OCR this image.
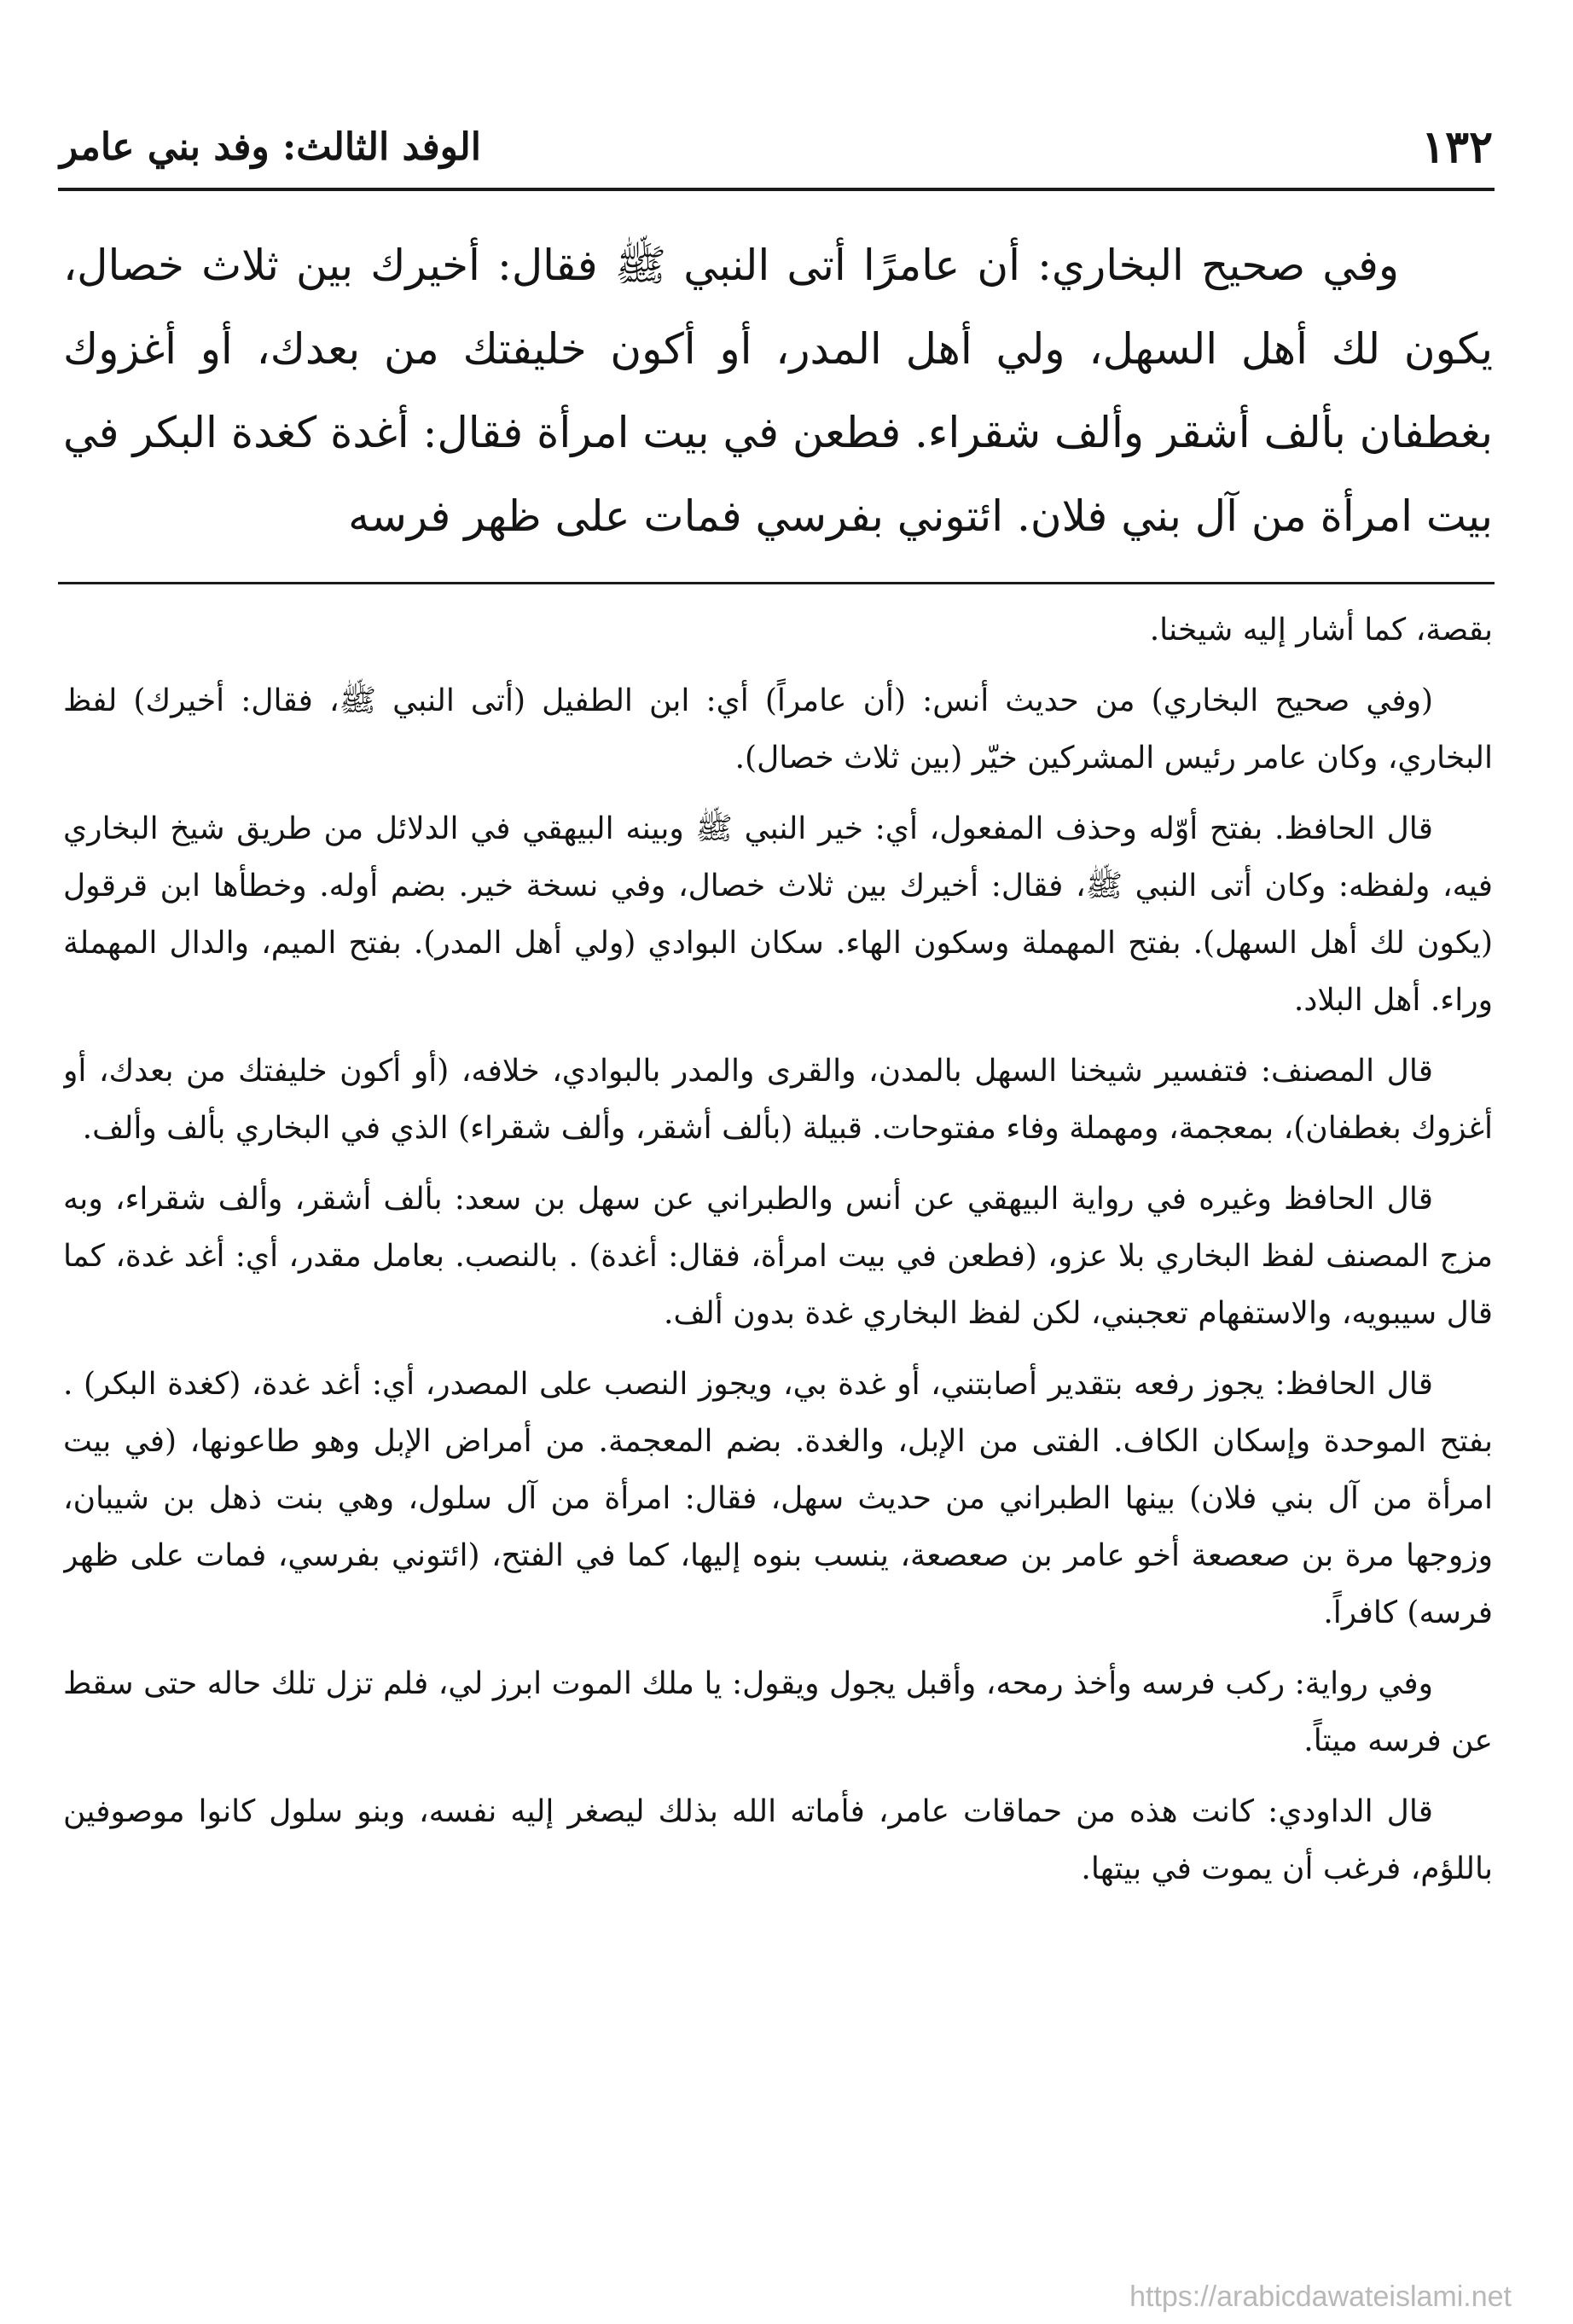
١٣٢
الوفد الثالث: وفد بني عامر

وفي صحيح البخاري: أن عامرًا أتى النبي ﷺ فقال: أخيرك بين ثلاث خصال، يكون لك أهل السهل، ولي أهل المدر، أو أكون خليفتك من بعدك، أو أغزوك بغطفان بألف أشقر وألف شقراء. فطعن في بيت امرأة فقال: أغدة كغدة البكر في بيت امرأة من آل بني فلان. ائتوني بفرسي فمات على ظهر فرسه

بقصة، كما أشار إليه شيخنا.

(وفي صحيح البخاري) من حديث أنس: (أن عامراً) أي: ابن الطفيل (أتى النبي ﷺ، فقال: أخيرك) لفظ البخاري، وكان عامر رئيس المشركين خيّر (بين ثلاث خصال).

قال الحافظ. بفتح أوّله وحذف المفعول، أي: خير النبي ﷺ وبينه البيهقي في الدلائل من طريق شيخ البخاري فيه، ولفظه: وكان أتى النبي ﷺ، فقال: أخيرك بين ثلاث خصال، وفي نسخة خير. بضم أوله. وخطأها ابن قرقول (يكون لك أهل السهل). بفتح المهملة وسكون الهاء. سكان البوادي (ولي أهل المدر). بفتح الميم، والدال المهملة وراء. أهل البلاد.

قال المصنف: فتفسير شيخنا السهل بالمدن، والقرى والمدر بالبوادي، خلافه، (أو أكون خليفتك من بعدك، أو أغزوك بغطفان)، بمعجمة، ومهملة وفاء مفتوحات. قبيلة (بألف أشقر، وألف شقراء) الذي في البخاري بألف وألف.

قال الحافظ وغيره في رواية البيهقي عن أنس والطبراني عن سهل بن سعد: بألف أشقر، وألف شقراء، وبه مزج المصنف لفظ البخاري بلا عزو، (فطعن في بيت امرأة، فقال: أغدة) . بالنصب. بعامل مقدر، أي: أغد غدة، كما قال سيبويه، والاستفهام تعجبني، لكن لفظ البخاري غدة بدون ألف.

قال الحافظ: يجوز رفعه بتقدير أصابتني، أو غدة بي، ويجوز النصب على المصدر، أي: أغد غدة، (كغدة البكر) . بفتح الموحدة وإسكان الكاف. الفتى من الإبل، والغدة. بضم المعجمة. من أمراض الإبل وهو طاعونها، (في بيت امرأة من آل بني فلان) بينها الطبراني من حديث سهل، فقال: امرأة من آل سلول، وهي بنت ذهل بن شيبان، وزوجها مرة بن صعصعة أخو عامر بن صعصعة، ينسب بنوه إليها، كما في الفتح، (ائتوني بفرسي، فمات على ظهر فرسه) كافراً.

وفي رواية: ركب فرسه وأخذ رمحه، وأقبل يجول ويقول: يا ملك الموت ابرز لي، فلم تزل تلك حاله حتى سقط عن فرسه ميتاً.

قال الداودي: كانت هذه من حماقات عامر، فأماته الله بذلك ليصغر إليه نفسه، وبنو سلول كانوا موصوفين باللؤم، فرغب أن يموت في بيتها.

https://arabicdawateislami.net
